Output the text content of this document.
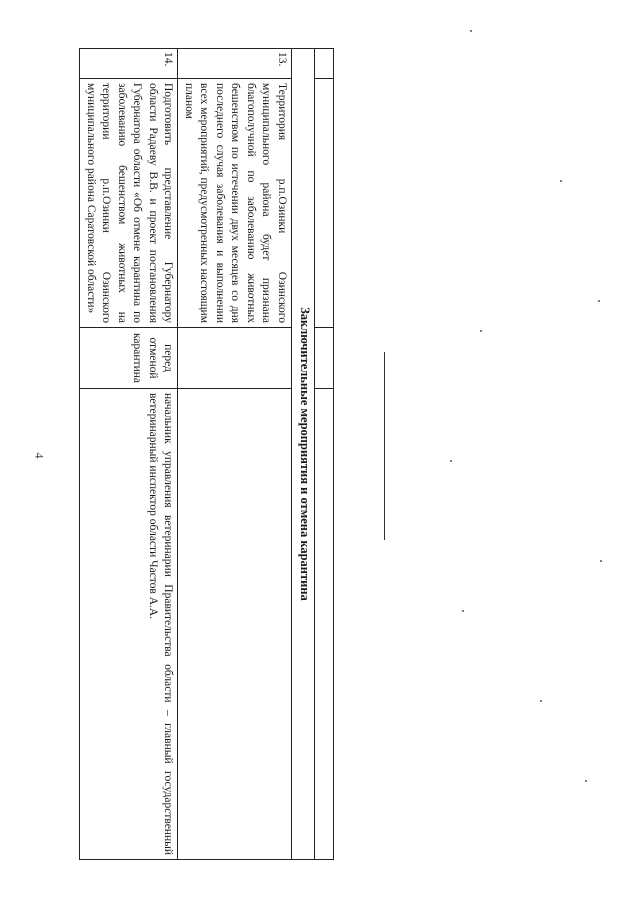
4
				Заключительные мероприятия и отмена карантина			
13.	Территория р.п.Озинки Озинского муниципального района будет признана благополучной по заболеванию животных бешенством по истечении двух месяцев со дня последнего случая заболевания и выполнении всех мероприятий, предусмотренных настоящим планом		
14.	Подготовить представление Губернатору области Радаеву В.В. и проект постановления Губернатора области «Об отмене карантина по заболеванию бешенством животных на территории р.п.Озинки Озинского муниципального района Саратовской области»	перед отменой карантина	начальник управления ветеринарии Правительства области – главный государственный ветеринарный инспектор области Частов А.А.
